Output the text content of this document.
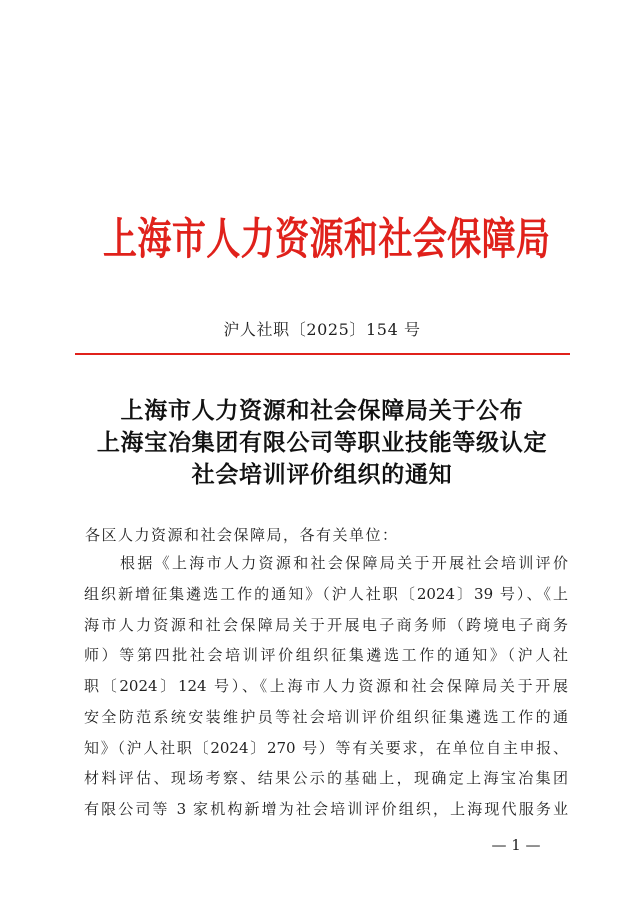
上海市人力资源和社会保障局
沪人社职〔2025〕154 号
上海市人力资源和社会保障局关于公布
上海宝冶集团有限公司等职业技能等级认定
社会培训评价组织的通知
各区人力资源和社会保障局，各有关单位：
根据《上海市人力资源和社会保障局关于开展社会培训评价
组织新增征集遴选工作的通知》（沪人社职〔2024〕39 号）、《上
海市人力资源和社会保障局关于开展电子商务师（跨境电子商务
师）等第四批社会培训评价组织征集遴选工作的通知》（沪人社
职〔2024〕124 号）、《上海市人力资源和社会保障局关于开展
安全防范系统安装维护员等社会培训评价组织征集遴选工作的通
知》（沪人社职〔2024〕270 号）等有关要求，在单位自主申报、
材料评估、现场考察、结果公示的基础上，现确定上海宝冶集团
有限公司等 3 家机构新增为社会培训评价组织，上海现代服务业
— 1 —
